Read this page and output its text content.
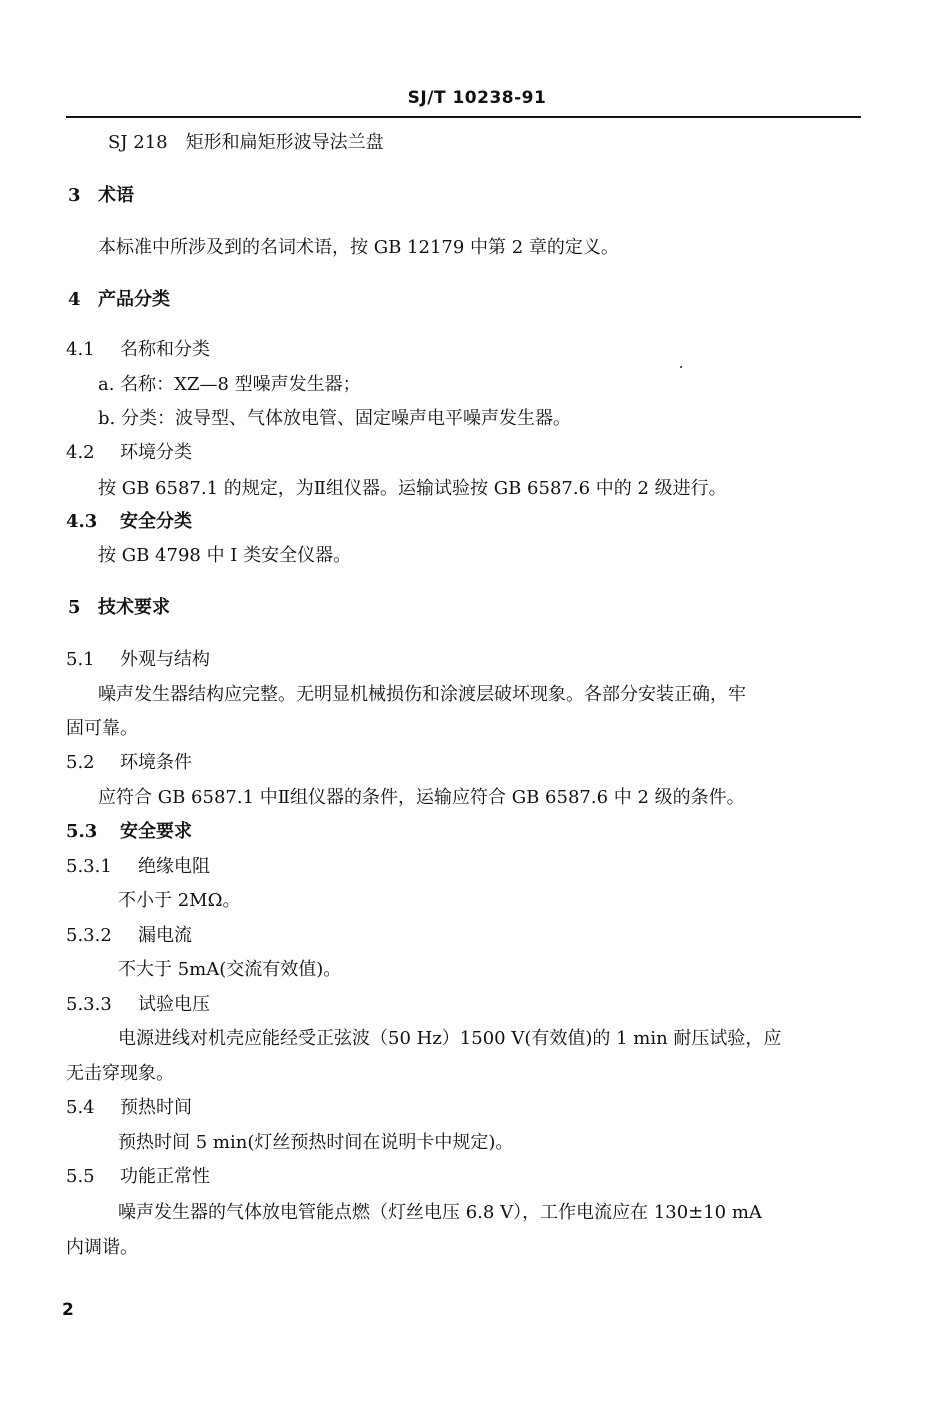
SJ/T 10238-91
SJ 218　矩形和扁矩形波导法兰盘
3 术语
本标准中所涉及到的名词术语，按 GB 12179 中第 2 章的定义。
4 产品分类
4.1 名称和分类
a. 名称：XZ—8 型噪声发生器；
b. 分类：波导型、气体放电管、固定噪声电平噪声发生器。
4.2 环境分类
按 GB 6587.1 的规定，为Ⅱ组仪器。运输试验按 GB 6587.6 中的 2 级进行。
4.3 安全分类
按 GB 4798 中 Ⅰ 类安全仪器。
5 技术要求
5.1 外观与结构
噪声发生器结构应完整。无明显机械损伤和涂渡层破坏现象。各部分安装正确，牢
固可靠。
5.2 环境条件
应符合 GB 6587.1 中Ⅱ组仪器的条件，运输应符合 GB 6587.6 中 2 级的条件。
5.3 安全要求
5.3.1 绝缘电阻
不小于 2MΩ。
5.3.2 漏电流
不大于 5mA(交流有效值)。
5.3.3 试验电压
电源进线对机壳应能经受正弦波（50 Hz）1500 V(有效值)的 1 min 耐压试验，应
无击穿现象。
5.4 预热时间
预热时间 5 min(灯丝预热时间在说明卡中规定)。
5.5 功能正常性
噪声发生器的气体放电管能点燃（灯丝电压 6.8 V），工作电流应在 130±10 mA
内调谐。
2
